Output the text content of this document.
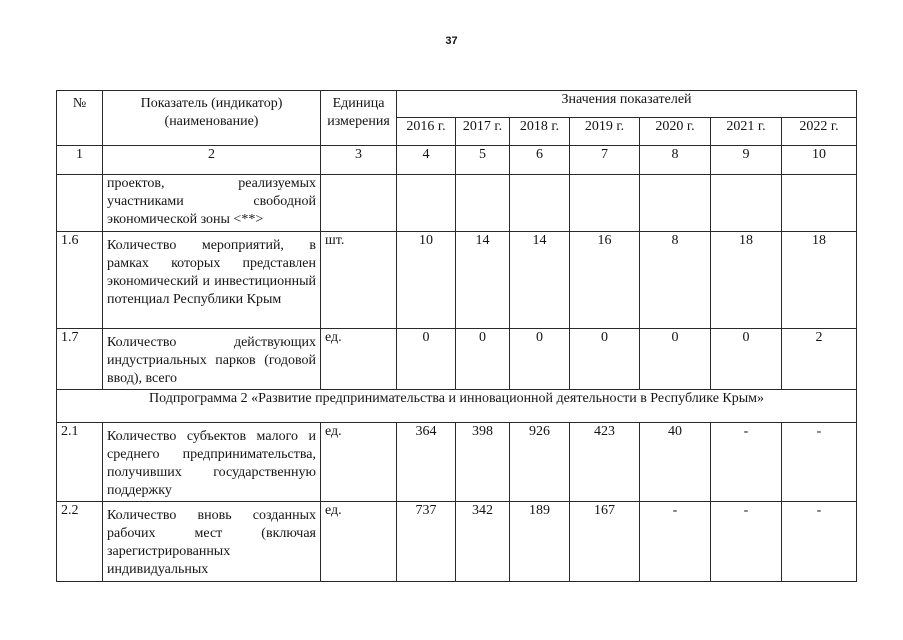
37
№	Показатель (индикатор) (наименование)	Единица измерения	Значения показателей						
			2016 г.	2017 г.	2018 г.	2019 г.	2020 г.	2021 г.	2022 г.
1	2	3	4	5	6	7	8	9	10
	проектов, реализуемых участниками свободной экономической зоны <**>								
1.6	Количество мероприятий, в рамках которых представлен экономический и инвестиционный потенциал Республики Крым	шт.	10	14	14	16	8	18	18
1.7	Количество действующих индустриальных парков (годовой ввод), всего	ед.	0	0	0	0	0	0	2
Подпрограмма 2 «Развитие предпринимательства и инновационной деятельности в Республике Крым»									
2.1	Количество субъектов малого и среднего предпринимательства, получивших государственную поддержку	ед.	364	398	926	423	40	-	-
2.2	Количество вновь созданных рабочих мест (включая зарегистрированных индивидуальных	ед.	737	342	189	167	-	-	-
